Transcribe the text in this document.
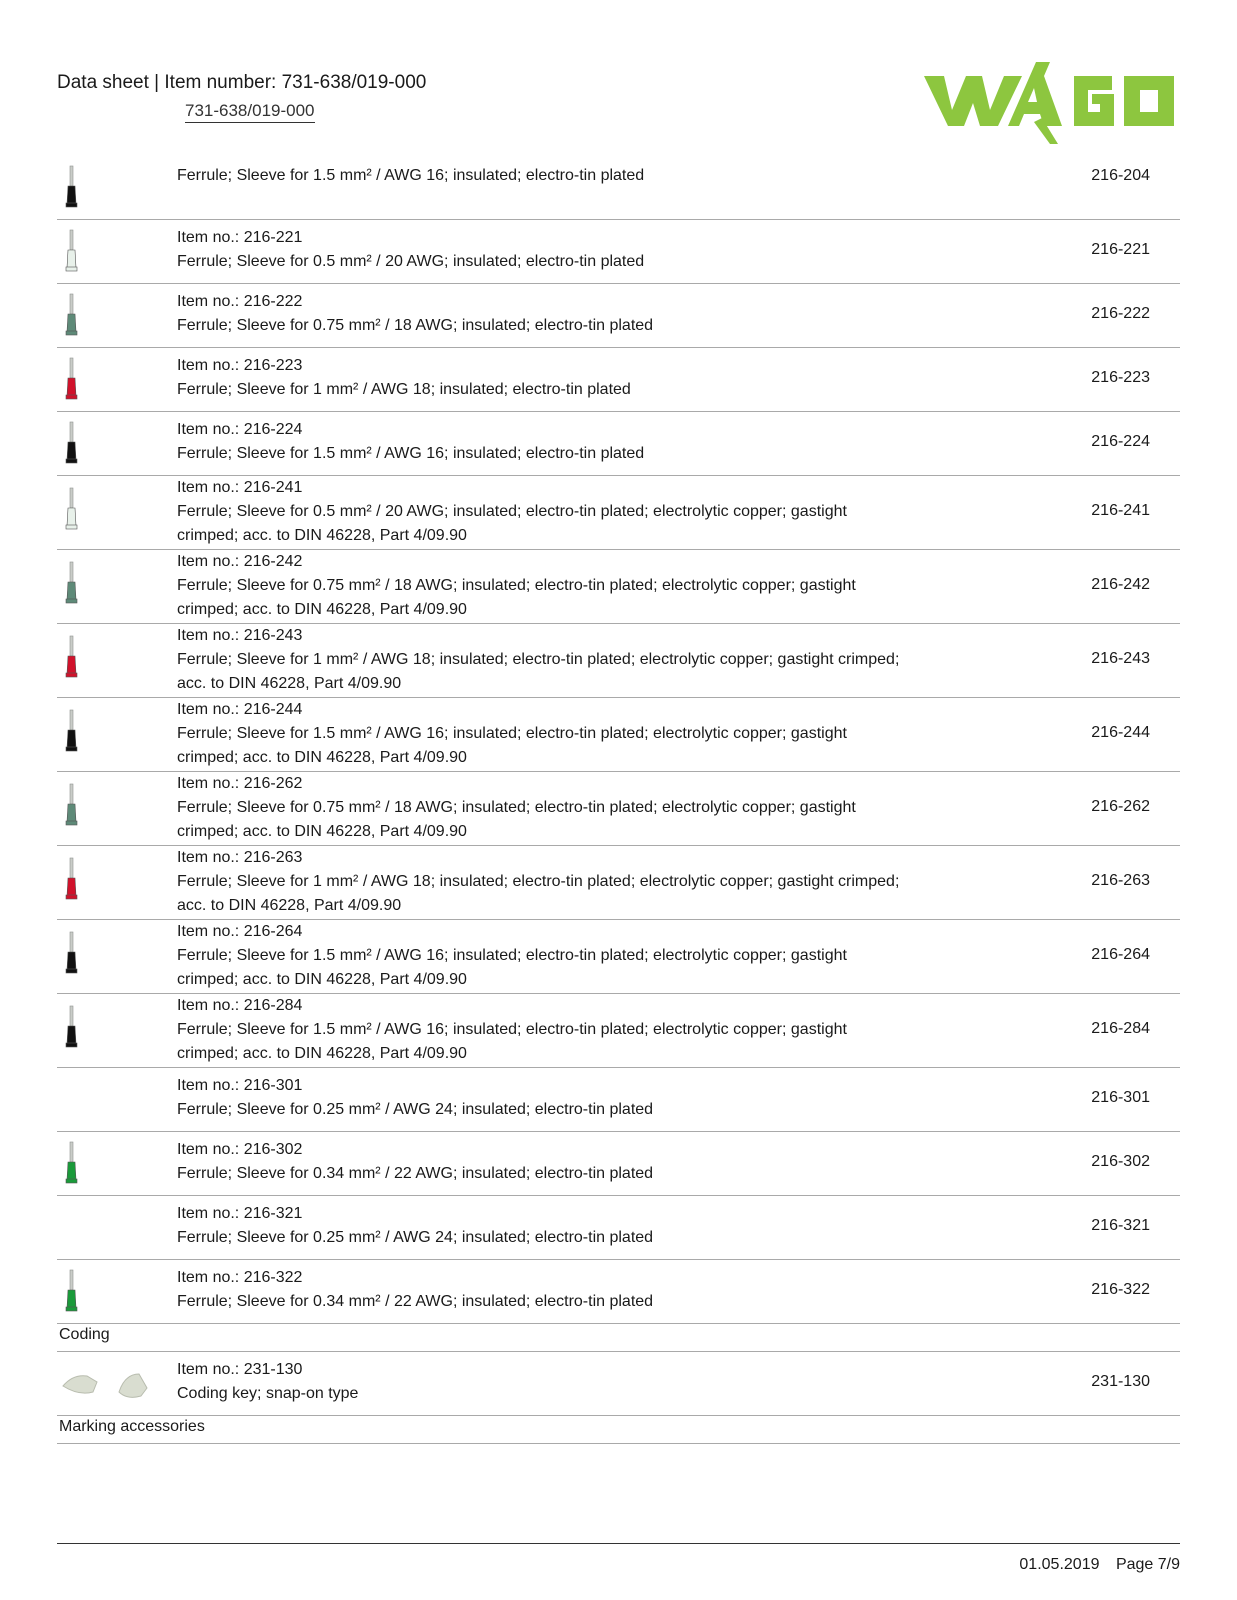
Data sheet | Item number: 731-638/019-000
731-638/019-000
WAGO
Ferrule; Sleeve for 1.5 mm² / AWG 16; insulated; electro-tin plated	216-204
Item no.: 216-221
Ferrule; Sleeve for 0.5 mm² / 20 AWG; insulated; electro-tin plated
216-221
Item no.: 216-222
Ferrule; Sleeve for 0.75 mm² / 18 AWG; insulated; electro-tin plated
216-222
Item no.: 216-223
Ferrule; Sleeve for 1 mm² / AWG 18; insulated; electro-tin plated
216-223
Item no.: 216-224
Ferrule; Sleeve for 1.5 mm² / AWG 16; insulated; electro-tin plated
216-224
Item no.: 216-241
Ferrule; Sleeve for 0.5 mm² / 20 AWG; insulated; electro-tin plated; electrolytic copper; gastight
crimped; acc. to DIN 46228, Part 4/09.90
216-241
Item no.: 216-242
Ferrule; Sleeve for 0.75 mm² / 18 AWG; insulated; electro-tin plated; electrolytic copper; gastight
crimped; acc. to DIN 46228, Part 4/09.90
216-242
Item no.: 216-243
Ferrule; Sleeve for 1 mm² / AWG 18; insulated; electro-tin plated; electrolytic copper; gastight crimped;
acc. to DIN 46228, Part 4/09.90
216-243
Item no.: 216-244
Ferrule; Sleeve for 1.5 mm² / AWG 16; insulated; electro-tin plated; electrolytic copper; gastight
crimped; acc. to DIN 46228, Part 4/09.90
216-244
Item no.: 216-262
Ferrule; Sleeve for 0.75 mm² / 18 AWG; insulated; electro-tin plated; electrolytic copper; gastight
crimped; acc. to DIN 46228, Part 4/09.90
216-262
Item no.: 216-263
Ferrule; Sleeve for 1 mm² / AWG 18; insulated; electro-tin plated; electrolytic copper; gastight crimped;
acc. to DIN 46228, Part 4/09.90
216-263
Item no.: 216-264
Ferrule; Sleeve for 1.5 mm² / AWG 16; insulated; electro-tin plated; electrolytic copper; gastight
crimped; acc. to DIN 46228, Part 4/09.90
216-264
Item no.: 216-284
Ferrule; Sleeve for 1.5 mm² / AWG 16; insulated; electro-tin plated; electrolytic copper; gastight
crimped; acc. to DIN 46228, Part 4/09.90
216-284
Item no.: 216-301
Ferrule; Sleeve for 0.25 mm² / AWG 24; insulated; electro-tin plated
216-301
Item no.: 216-302
Ferrule; Sleeve for 0.34 mm² / 22 AWG; insulated; electro-tin plated
216-302
Item no.: 216-321
Ferrule; Sleeve for 0.25 mm² / AWG 24; insulated; electro-tin plated
216-321
Item no.: 216-322
Ferrule; Sleeve for 0.34 mm² / 22 AWG; insulated; electro-tin plated
216-322
Coding
Item no.: 231-130
Coding key; snap-on type
231-130
Marking accessories
01.05.2019 Page 7/9
